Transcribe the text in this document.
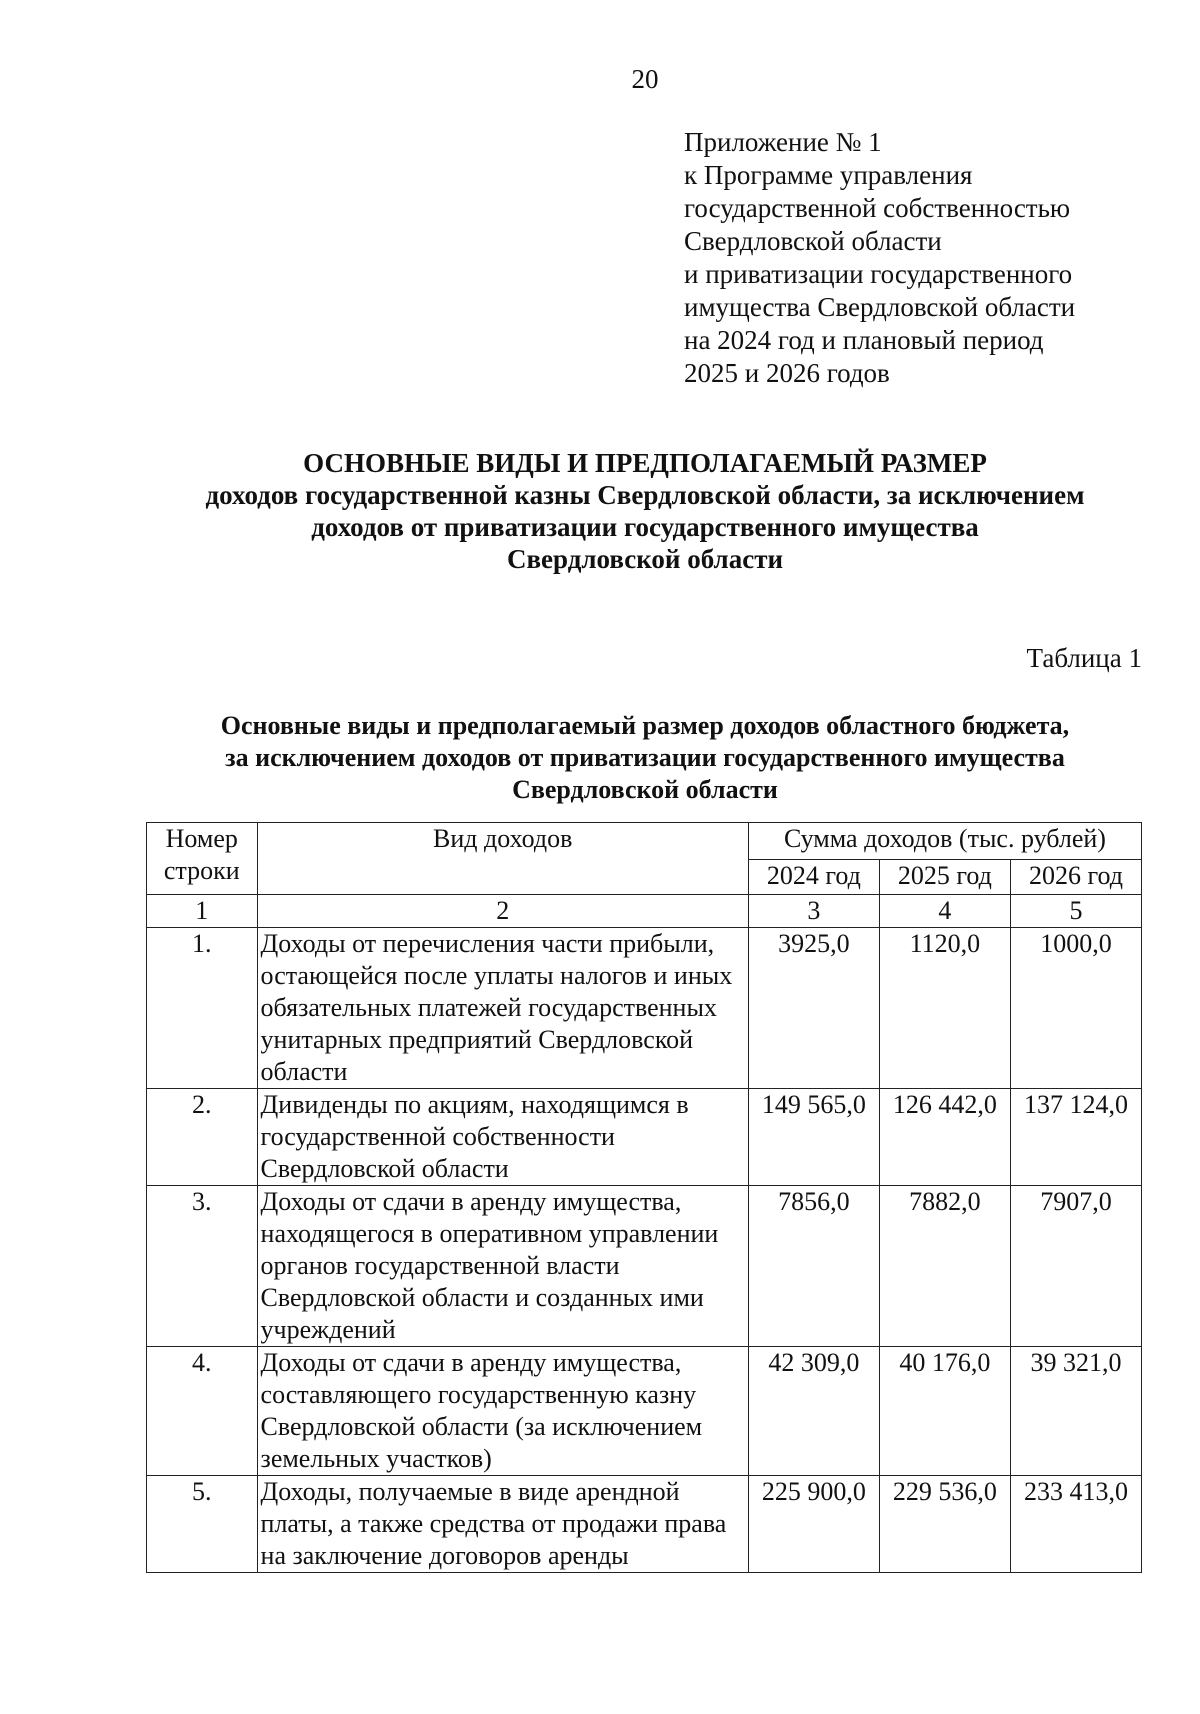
20
Приложение № 1
к Программе управления
государственной собственностью
Свердловской области
и приватизации государственного
имущества Свердловской области
на 2024 год и плановый период
2025 и 2026 годов
ОСНОВНЫЕ ВИДЫ И ПРЕДПОЛАГАЕМЫЙ РАЗМЕР
доходов государственной казны Свердловской области, за исключением
доходов от приватизации государственного имущества
Свердловской области
Таблица 1
Основные виды и предполагаемый размер доходов областного бюджета,
за исключением доходов от приватизации государственного имущества
Свердловской области
Номер строки	Вид доходов	Сумма доходов (тыс. рублей)		
		2024 год	2025 год	2026 год
1	2	3	4	5
1.	Доходы от перечисления части прибыли, остающейся после уплаты налогов и иных обязательных платежей государственных унитарных предприятий Свердловской области	3925,0	1120,0	1000,0
2.	Дивиденды по акциям, находящимся в государственной собственности Свердловской области	149 565,0	126 442,0	137 124,0
3.	Доходы от сдачи в аренду имущества, находящегося в оперативном управлении органов государственной власти Свердловской области и созданных ими учреждений	7856,0	7882,0	7907,0
4.	Доходы от сдачи в аренду имущества, составляющего государственную казну Свердловской области (за исключением земельных участков)	42 309,0	40 176,0	39 321,0
5.	Доходы, получаемые в виде арендной платы, а также средства от продажи права на заключение договоров аренды	225 900,0	229 536,0	233 413,0
